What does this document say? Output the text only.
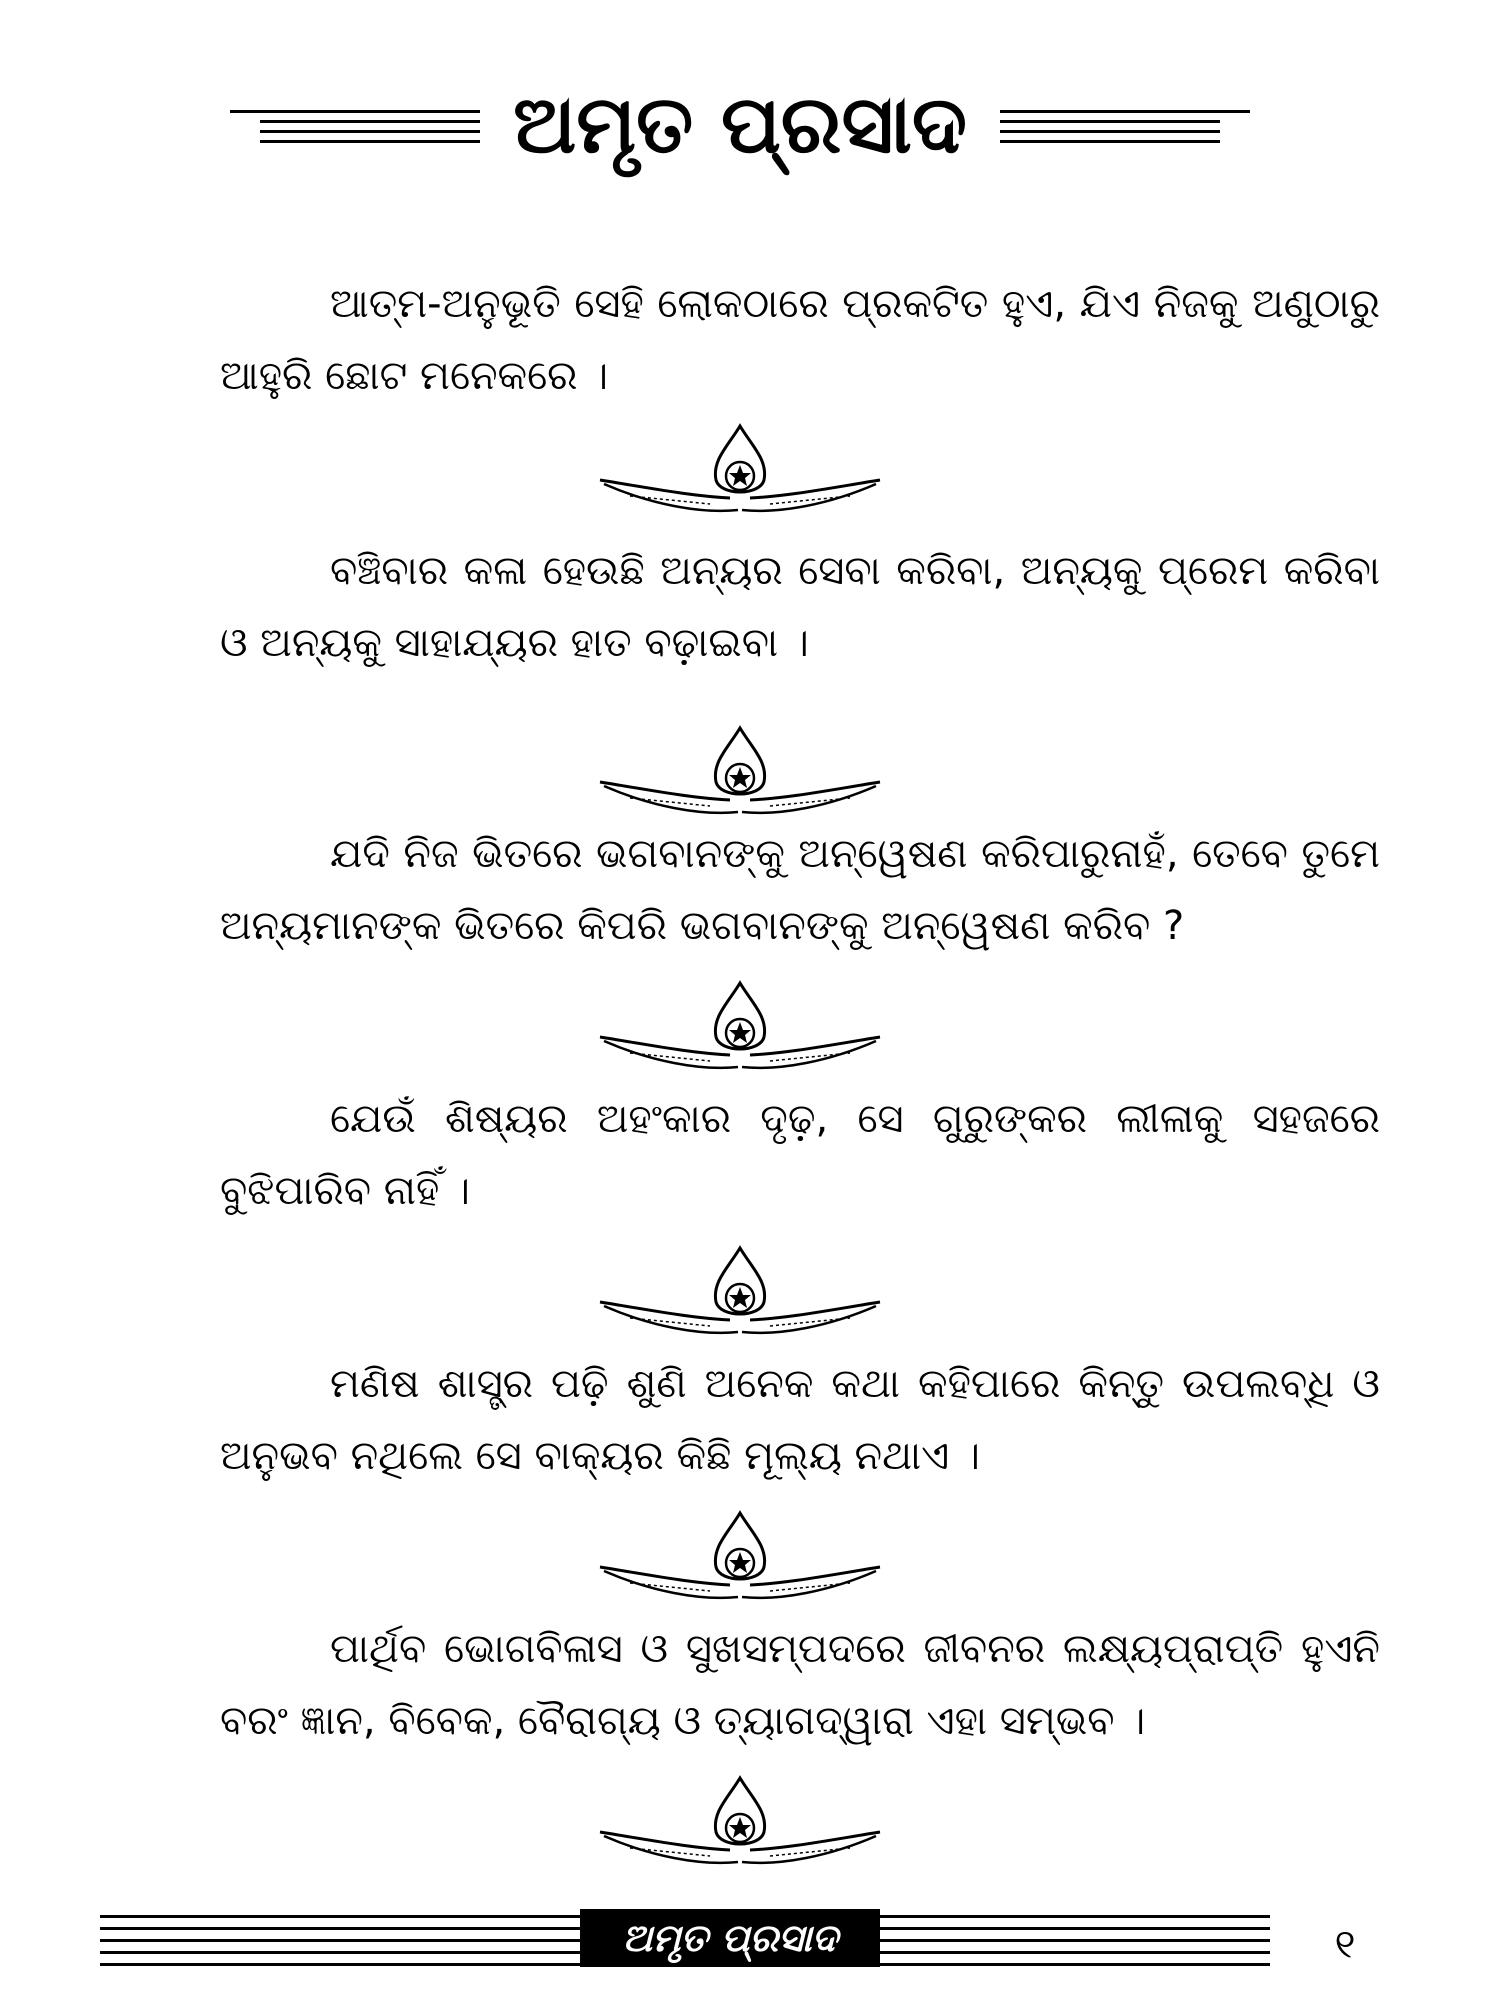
ଅମୃତ ପ୍ରସାଦ

ଆତ୍ମ-ଅନୁଭୂତି ସେହି ଲୋକଠାରେ ପ୍ରକଟିତ ହୁଏ, ଯିଏ ନିଜକୁ ଅଣୁଠାରୁ ଆହୁରି ଛୋଟ ମନେକରେ ।

ବଞ୍ଚିବାର କଳା ହେଉଛି ଅନ୍ୟର ସେବା କରିବା, ଅନ୍ୟକୁ ପ୍ରେମ କରିବା ଓ ଅନ୍ୟକୁ ସାହାଯ୍ୟର ହାତ ବଢ଼ାଇବା ।

ଯଦି ନିଜ ଭିତରେ ଭଗବାନଙ୍କୁ ଅନ୍ୱେଷଣ କରିପାରୁନାହଁ, ତେବେ ତୁମେ ଅନ୍ୟମାନଙ୍କ ଭିତରେ କିପରି ଭଗବାନଙ୍କୁ ଅନ୍ୱେଷଣ କରିବ ?

ଯେଉଁ ଶିଷ୍ୟର ଅହଂକାର ଦୃଢ଼, ସେ ଗୁରୁଙ୍କର ଲୀଳାକୁ ସହଜରେ ବୁଝିପାରିବ ନାହିଁ ।

ମଣିଷ ଶାସ୍ତ୍ର ପଢ଼ି ଶୁଣି ଅନେକ କଥା କହିପାରେ କିନ୍ତୁ ଉପଲବ୍ଧି ଓ ଅନୁଭବ ନଥିଲେ ସେ ବାକ୍ୟର କିଛି ମୂଲ୍ୟ ନଥାଏ ।

ପାର୍ଥିବ ଭୋଗବିଳାସ ଓ ସୁଖସମ୍ପଦରେ ଜୀବନର ଲକ୍ଷ୍ୟପ୍ରାପ୍ତି ହୁଏନି ବରଂ ଜ୍ଞାନ, ବିବେକ, ବୈରାଗ୍ୟ ଓ ତ୍ୟାଗଦ୍ୱାରା ଏହା ସମ୍ଭବ ।

ଅମୃତ ପ୍ରସାଦ	୧
